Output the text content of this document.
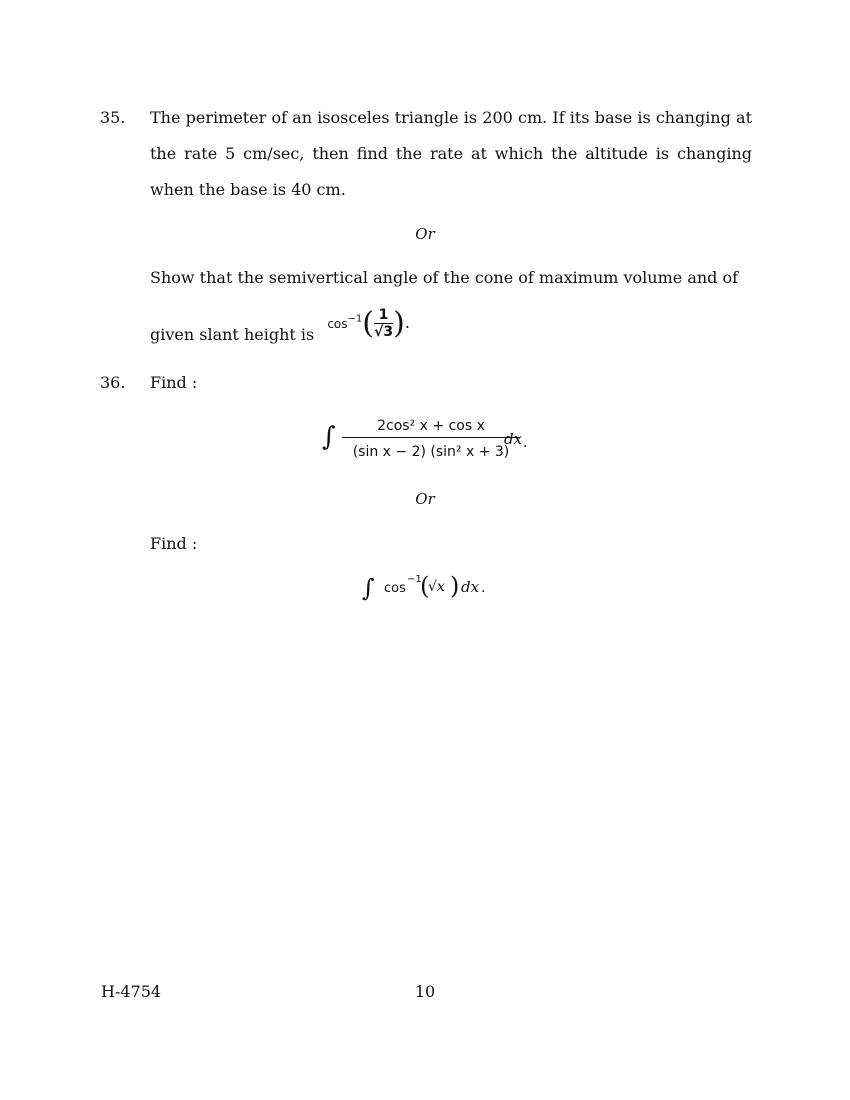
35. The perimeter of an isosceles triangle is 200 cm. If its base is changing at the rate 5 cm/sec, then find the rate at which the altitude is changing when the base is 40 cm.
Or
Show that the semivertical angle of the cone of maximum volume and of
given slant height is $\cos^{-1}( \frac{1}{√3}$ ).
36. Find :
∫	2cos² x + cos x
(sin x − 2) (sin² x + 3)
dx .
Or
Find :
∫ cos
−1
(
√x ) dx .
H-4754	10
